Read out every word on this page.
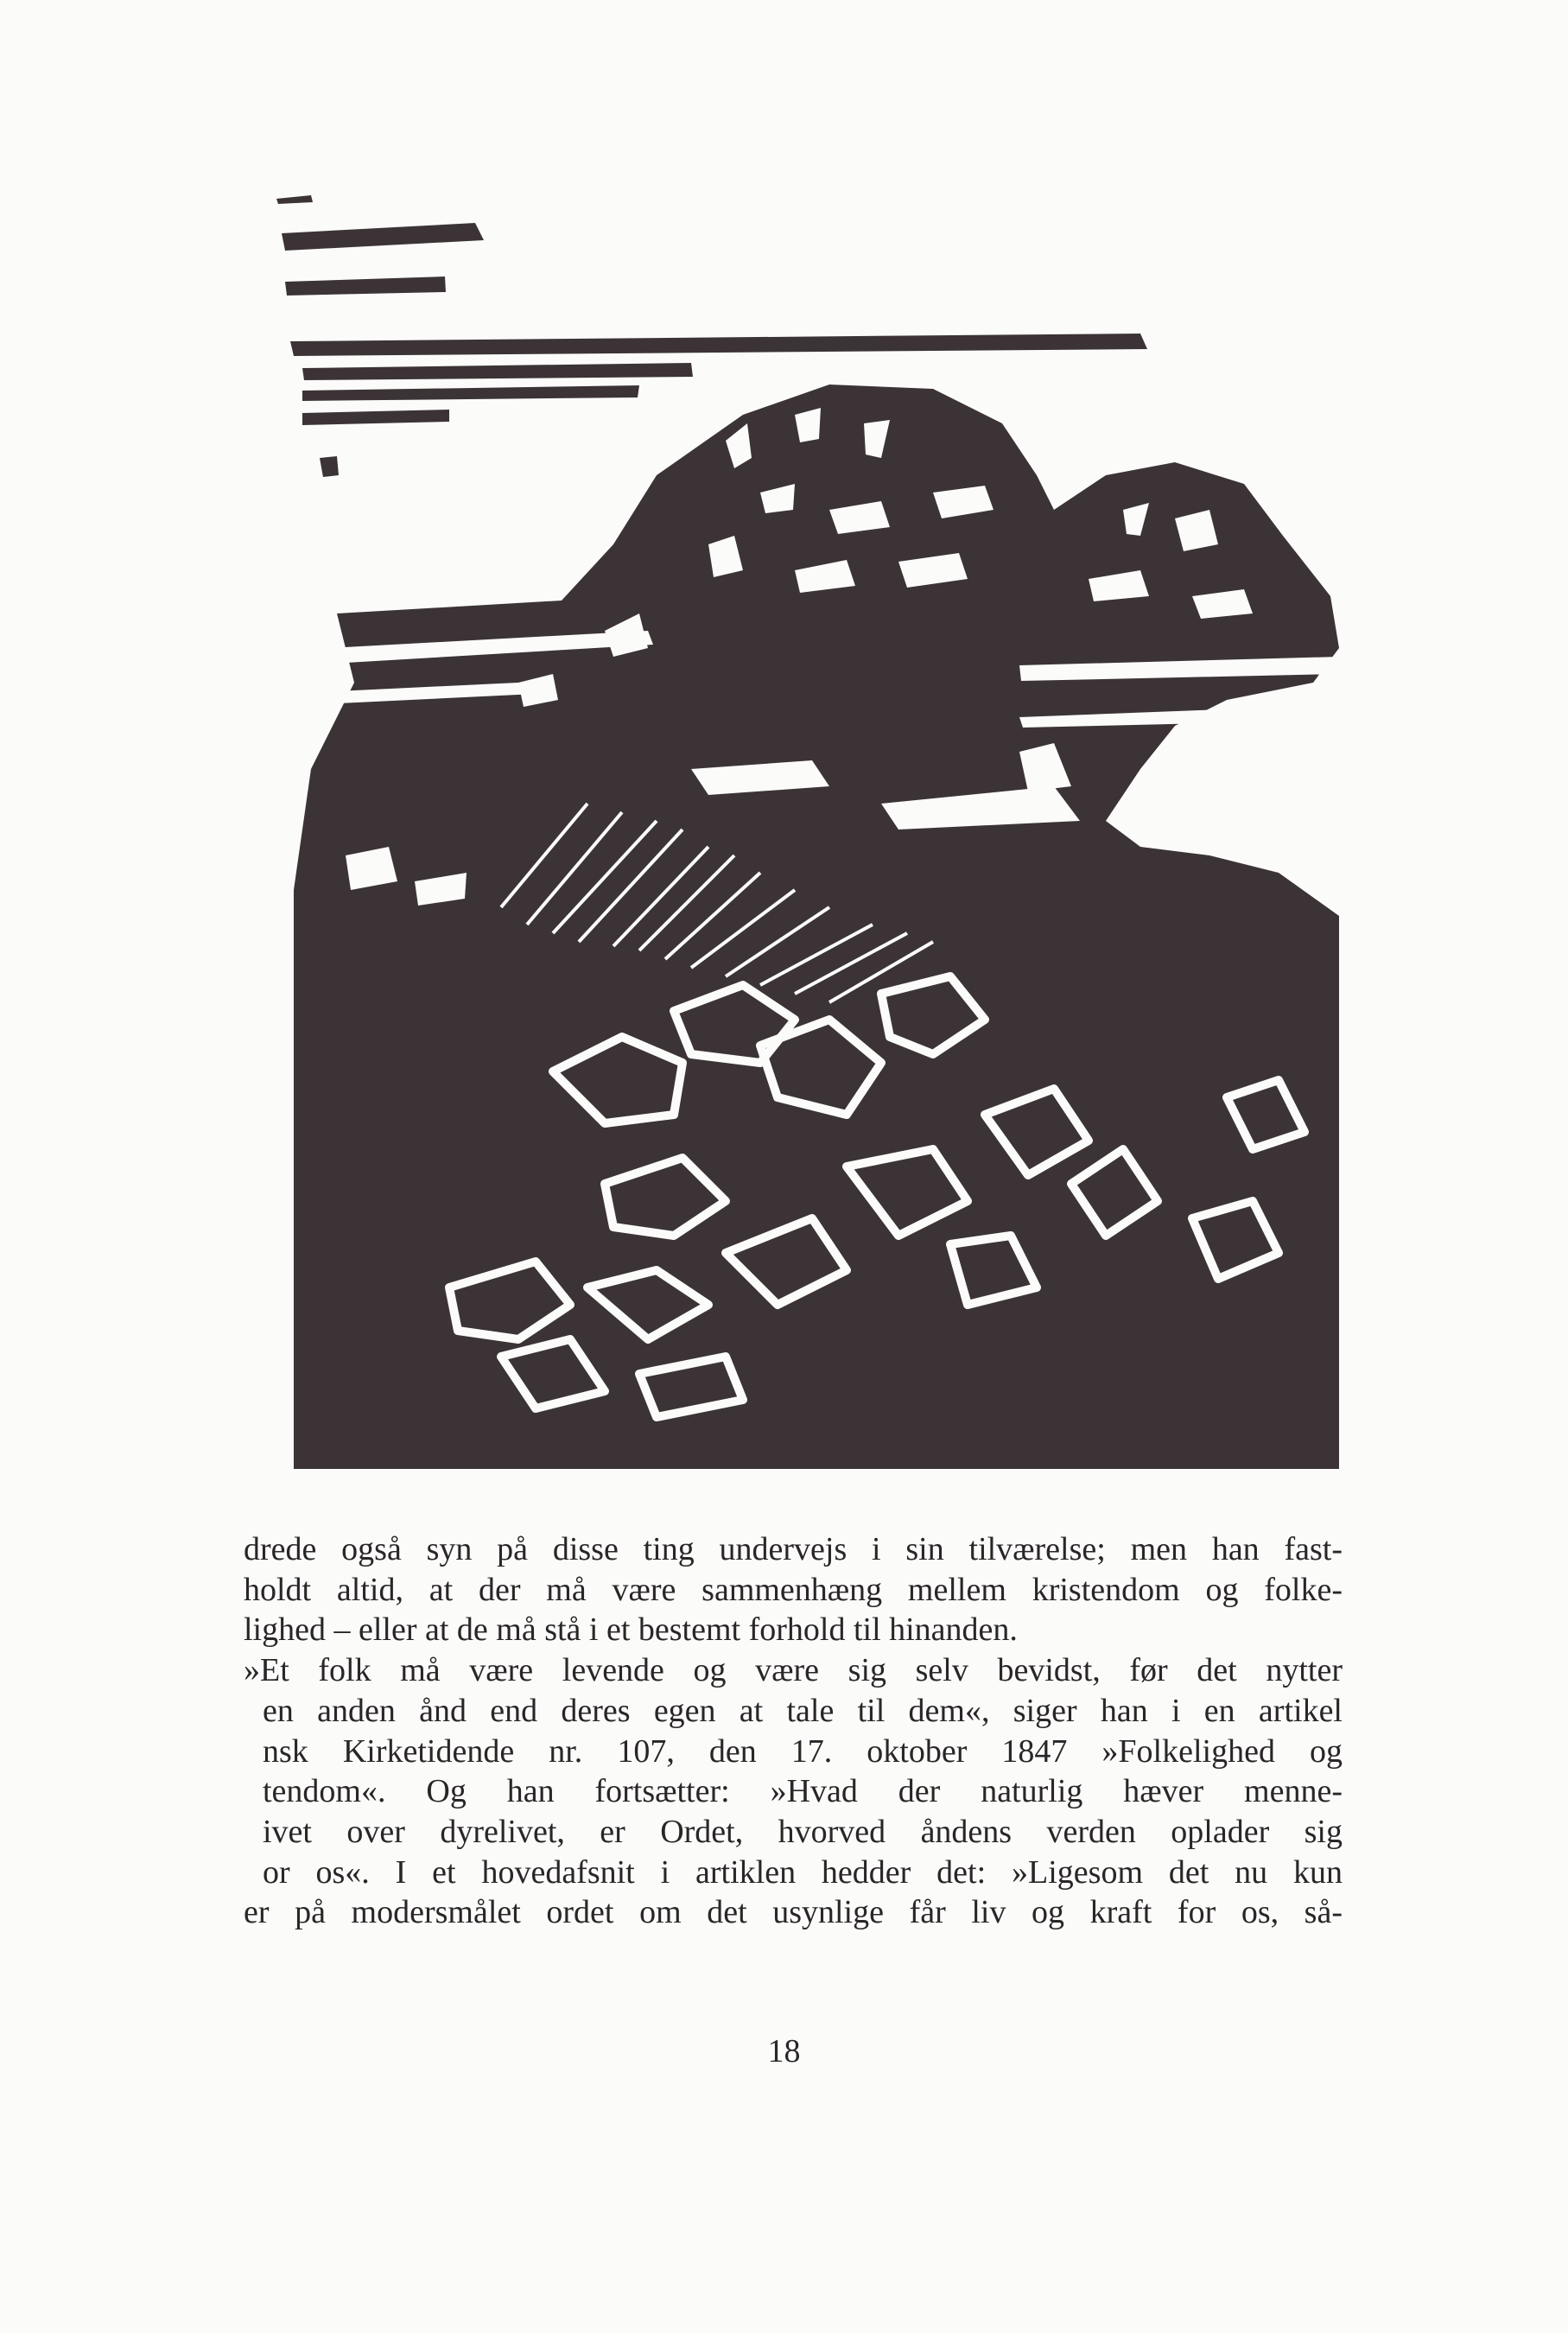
drede også syn på disse ting undervejs i sin tilværelse; men han fast-
holdt altid, at der må være sammenhæng mellem kristendom og folke-
lighed – eller at de må stå i et bestemt forhold til hinanden.
»Et folk må være levende og være sig selv bevidst, før det nytter
en anden ånd end deres egen at tale til dem«, siger han i en artikel
nsk Kirketidende nr. 107, den 17. oktober 1847 »Folkelighed og
tendom«. Og han fortsætter: »Hvad der naturlig hæver menne-
ivet over dyrelivet, er Ordet, hvorved åndens verden oplader sig
or os«. I et hovedafsnit i artiklen hedder det: »Ligesom det nu kun
er på modersmålet ordet om det usynlige får liv og kraft for os, så-
18
